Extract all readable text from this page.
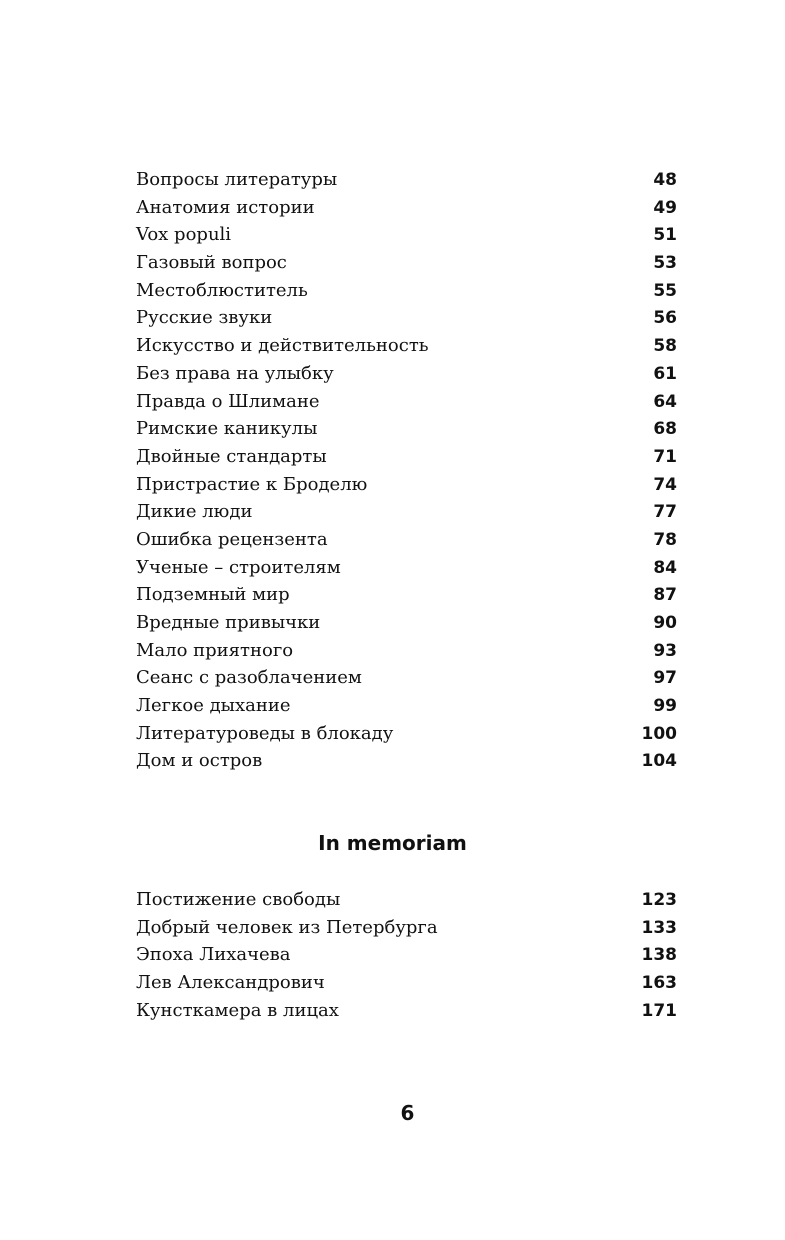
Вопросы литературы	48
Анатомия истории	49
Vox populi	51
Газовый вопрос	53
Местоблюститель	55
Русские звуки	56
Искусство и действительность	58
Без права на улыбку	61
Правда о Шлимане	64
Римские каникулы	68
Двойные стандарты	71
Пристрастие к Броделю	74
Дикие люди	77
Ошибка рецензента	78
Ученые – строителям	84
Подземный мир	87
Вредные привычки	90
Мало приятного	93
Сеанс с разоблачением	97
Легкое дыхание	99
Литературоведы в блокаду	100
Дом и остров	104
In memoriam
Постижение свободы	123
Добрый человек из Петербурга	133
Эпоха Лихачева	138
Лев Александрович	163
Кунсткамера в лицах	171
6
